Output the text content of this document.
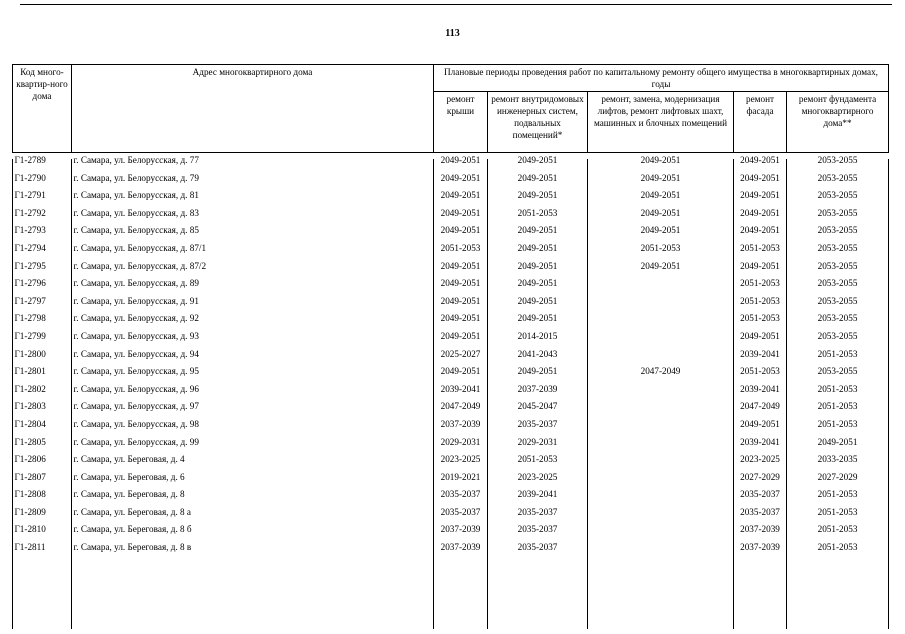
113
Код много-квартир-ного дома	Адрес многоквартирного дома	Плановые периоды проведения работ по капитальному ремонту общего имущества в многоквартирных домах, годы				
		ремонт крыши	ремонт внутридомовых инженерных систем, подвальных помещений*	ремонт, замена, модернизация лифтов, ремонт лифтовых шахт, машинных и блочных помещений	ремонт фасада	ремонт фундамента многоквартирного дома**
Г1-2789	г. Самара, ул. Белорусская, д. 77	2049-2051	2049-2051	2049-2051	2049-2051	2053-2055
Г1-2790	г. Самара, ул. Белорусская, д. 79	2049-2051	2049-2051	2049-2051	2049-2051	2053-2055
Г1-2791	г. Самара, ул. Белорусская, д. 81	2049-2051	2049-2051	2049-2051	2049-2051	2053-2055
Г1-2792	г. Самара, ул. Белорусская, д. 83	2049-2051	2051-2053	2049-2051	2049-2051	2053-2055
Г1-2793	г. Самара, ул. Белорусская, д. 85	2049-2051	2049-2051	2049-2051	2049-2051	2053-2055
Г1-2794	г. Самара, ул. Белорусская, д. 87/1	2051-2053	2049-2051	2051-2053	2051-2053	2053-2055
Г1-2795	г. Самара, ул. Белорусская, д. 87/2	2049-2051	2049-2051	2049-2051	2049-2051	2053-2055
Г1-2796	г. Самара, ул. Белорусская, д. 89	2049-2051	2049-2051		2051-2053	2053-2055
Г1-2797	г. Самара, ул. Белорусская, д. 91	2049-2051	2049-2051		2051-2053	2053-2055
Г1-2798	г. Самара, ул. Белорусская, д. 92	2049-2051	2049-2051		2051-2053	2053-2055
Г1-2799	г. Самара, ул. Белорусская, д. 93	2049-2051	2014-2015		2049-2051	2053-2055
Г1-2800	г. Самара, ул. Белорусская, д. 94	2025-2027	2041-2043		2039-2041	2051-2053
Г1-2801	г. Самара, ул. Белорусская, д. 95	2049-2051	2049-2051	2047-2049	2051-2053	2053-2055
Г1-2802	г. Самара, ул. Белорусская, д. 96	2039-2041	2037-2039		2039-2041	2051-2053
Г1-2803	г. Самара, ул. Белорусская, д. 97	2047-2049	2045-2047		2047-2049	2051-2053
Г1-2804	г. Самара, ул. Белорусская, д. 98	2037-2039	2035-2037		2049-2051	2051-2053
Г1-2805	г. Самара, ул. Белорусская, д. 99	2029-2031	2029-2031		2039-2041	2049-2051
Г1-2806	г. Самара, ул. Береговая, д. 4	2023-2025	2051-2053		2023-2025	2033-2035
Г1-2807	г. Самара, ул. Береговая, д. 6	2019-2021	2023-2025		2027-2029	2027-2029
Г1-2808	г. Самара, ул. Береговая, д. 8	2035-2037	2039-2041		2035-2037	2051-2053
Г1-2809	г. Самара, ул. Береговая, д. 8 а	2035-2037	2035-2037		2035-2037	2051-2053
Г1-2810	г. Самара, ул. Береговая, д. 8 б	2037-2039	2035-2037		2037-2039	2051-2053
Г1-2811	г. Самара, ул. Береговая, д. 8 в	2037-2039	2035-2037		2037-2039	2051-2053
